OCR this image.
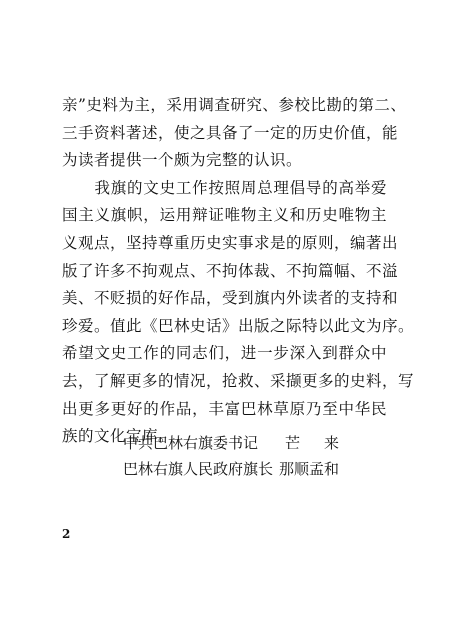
亲”史料为主，采用调查研究、参校比勘的第二、
三手资料著述，使之具备了一定的历史价值，能
为读者提供一个颇为完整的认识。
　　我旗的文史工作按照周总理倡导的高举爱
国主义旗帜，运用辩证唯物主义和历史唯物主
义观点，坚持尊重历史实事求是的原则，编著出
版了许多不拘观点、不拘体裁、不拘篇幅、不溢
美、不贬损的好作品，受到旗内外读者的支持和
珍爱。值此《巴林史话》出版之际特以此文为序。
希望文史工作的同志们，进一步深入到群众中
去，了解更多的情况，抢救、采撷更多的史料，写
出更多更好的作品，丰富巴林草原乃至中华民
族的文化宝库。
中共巴林右旗委书记	芒来
巴林右旗人民政府旗长 那顺孟和
2
